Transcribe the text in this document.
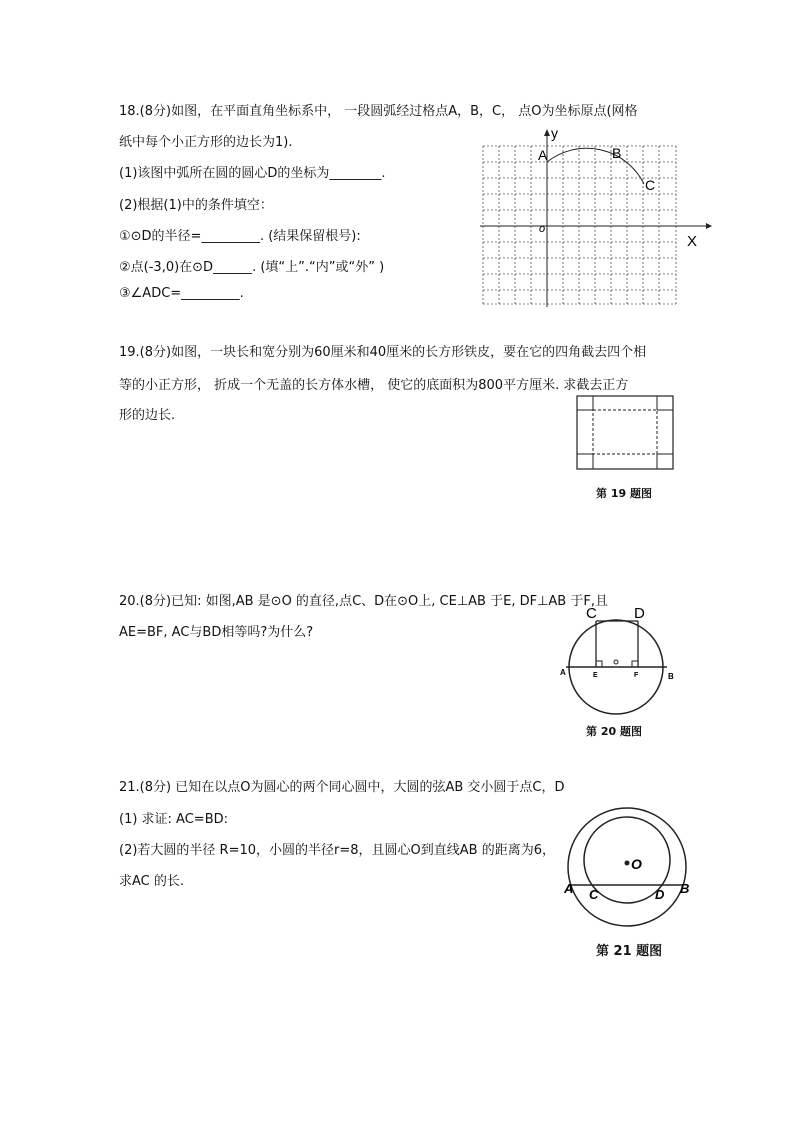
18.(8分)如图，在平面直角坐标系中， 一段圆弧经过格点A，B，C， 点O为坐标原点(网格
纸中每个小正方形的边长为1).
(1)该图中弧所在圆的圆心D的坐标为________.
(2)根据(1)中的条件填空：
①⊙D的半径=_________. (结果保留根号):
②点(-3,0)在⊙D______. (填“上”.“内”或“外” )
③∠ADC=_________.
A	B
C
y
X
o
19.(8分)如图，一块长和宽分别为60厘米和40厘米的长方形铁皮，要在它的四角截去四个相
等的小正方形， 折成一个无盖的长方体水槽， 使它的底面积为800平方厘米. 求截去正方
形的边长.
第 19 题图
20.(8分)已知: 如图,AB 是⊙O 的直径,点C、D在⊙O上, CE⊥AB 于E, DF⊥AB 于F,且
AE=BF, AC与BD相等吗?为什么?
C D
A	B
E	F
第 20 题图
21.(8分) 已知在以点O为圆心的两个同心圆中，大圆的弦AB 交小圆于点C，D
(1) 求证: AC=BD:
(2)若大圆的半径 R=10，小圆的半径r=8，且圆心O到直线AB 的距离为6，
求AC 的长.
O
A C	D B
第 21 题图
